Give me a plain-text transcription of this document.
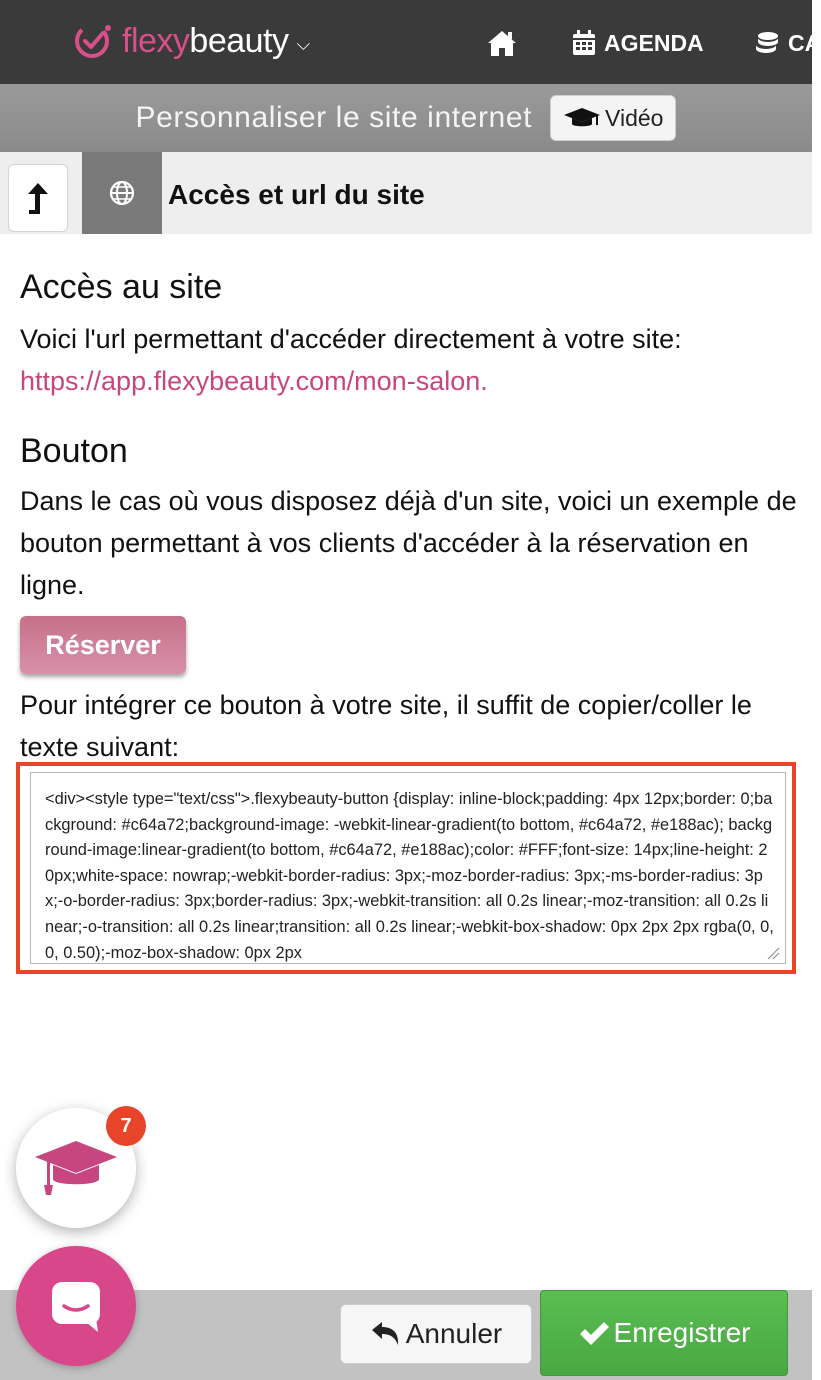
flexybeauty ⌵	AGENDA	CA
Personnaliser le site internet	Vidéo
Accès et url du site
Accès au site

Voici l'url permettant d'accéder directement à votre site:

https://app.flexybeauty.com/mon-salon.
Bouton

Dans le cas où vous disposez déjà d'un site, voici un exemple de bouton permettant à vos clients d'accéder à la réservation en ligne.

Réserver

Pour intégrer ce bouton à votre site, il suffit de copier/coller le texte suivant:

<div><style type="text/css">.flexybeauty-button {display: inline-block;padding: 4px 12px;border: 0;background: #c64a72;background-image: -webkit-linear-gradient(to bottom, #c64a72, #e188ac); background-image:linear-gradient(to bottom, #c64a72, #e188ac);color: #FFF;font-size: 14px;line-height: 20px;white-space: nowrap;-webkit-border-radius: 3px;-moz-border-radius: 3px;-ms-border-radius: 3px;-o-border-radius: 3px;border-radius: 3px;-webkit-transition: all 0.2s linear;-moz-transition: all 0.2s linear;-o-transition: all 0.2s linear;transition: all 0.2s linear;-webkit-box-shadow: 0px 2px 2px rgba(0, 0, 0, 0.50);-moz-box-shadow: 0px 2px
7
Annuler	Enregistrer
